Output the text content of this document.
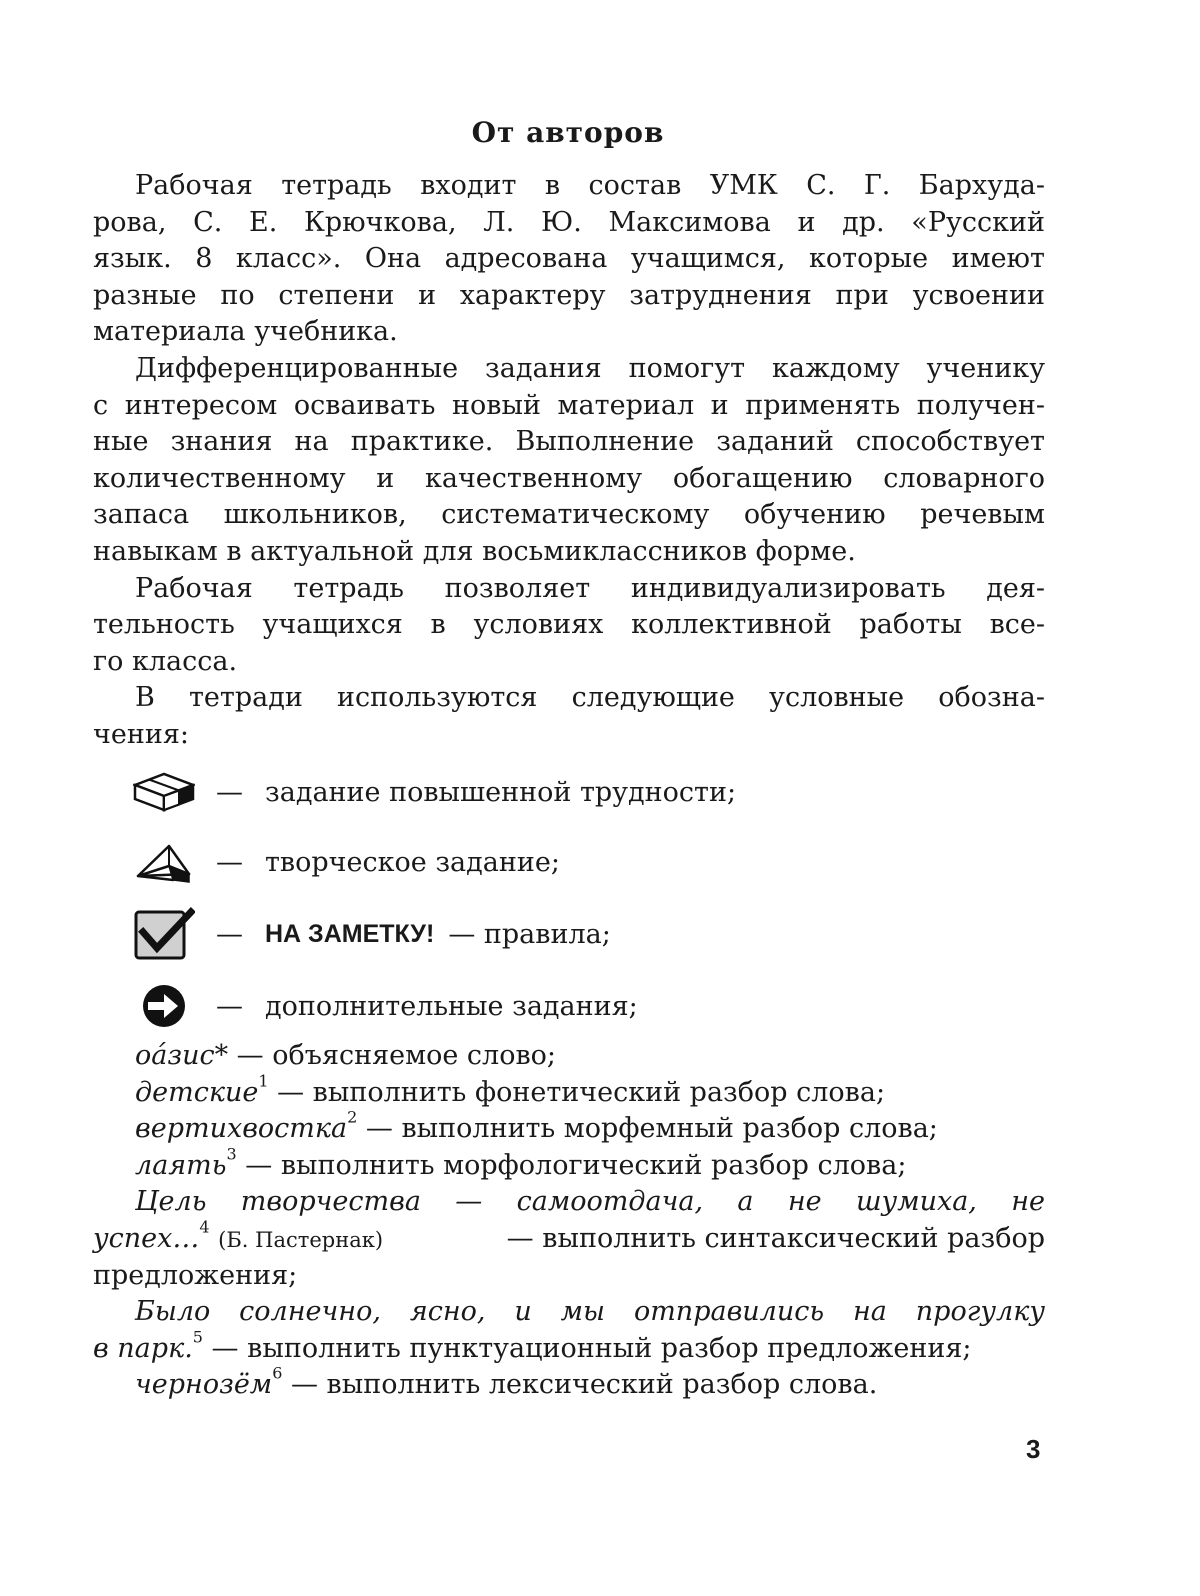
От авторов
Рабочая тетрадь входит в состав УМК С. Г. Бархуда-
рова, С. Е. Крючкова, Л. Ю. Максимова и др. «Русский
язык. 8 класс». Она адресована учащимся, которые имеют
разные по степени и характеру затруднения при усвоении
материала учебника.
Дифференцированные задания помогут каждому ученику
с интересом осваивать новый материал и применять получен-
ные знания на практике. Выполнение заданий способствует
количественному и качественному обогащению словарного
запаса школьников, систематическому обучению речевым
навыкам в актуальной для восьмиклассников форме.
Рабочая тетрадь позволяет индивидуализировать дея-
тельность учащихся в условиях коллективной работы все-
го класса.
В тетради используются следующие условные обозна-
чения:
— задание повышенной трудности;
— творческое задание;
— НА ЗАМЕТКУ! — правила;
— дополнительные задания;
оа́зис* — объясняемое слово;
детские$^1$ — выполнить фонетический разбор слова;
вертихвостка$^2$ — выполнить морфемный разбор слова;
лаять$^3$ — выполнить морфологический разбор слова;
Цель творчества — самоотдача, а не шумиха, не
успех…$^4$ (Б. Пастернак)	— выполнить синтаксический разбор
предложения;
Было солнечно, ясно, и мы отправились на прогулку
в парк.$^5$ — выполнить пунктуационный разбор предложения;
чернозём$^6$ — выполнить лексический разбор слова.
3
